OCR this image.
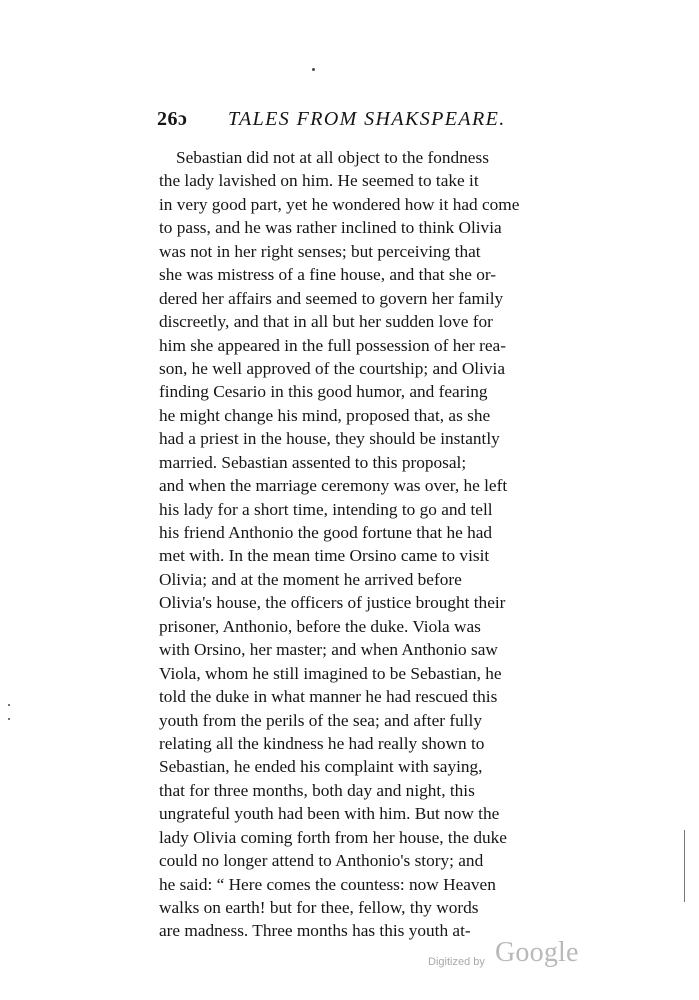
26ɔ TALES FROM SHAKSPEARE.
Sebastian did not at all object to the fondness
the lady lavished on him. He seemed to take it
in very good part, yet he wondered how it had come
to pass, and he was rather inclined to think Olivia
was not in her right senses; but perceiving that
she was mistress of a fine house, and that she or-
dered her affairs and seemed to govern her family
discreetly, and that in all but her sudden love for
him she appeared in the full possession of her rea-
son, he well approved of the courtship; and Olivia
finding Cesario in this good humor, and fearing
he might change his mind, proposed that, as she
had a priest in the house, they should be instantly
married. Sebastian assented to this proposal;
and when the marriage ceremony was over, he left
his lady for a short time, intending to go and tell
his friend Anthonio the good fortune that he had
met with. In the mean time Orsino came to visit
Olivia; and at the moment he arrived before
Olivia's house, the officers of justice brought their
prisoner, Anthonio, before the duke. Viola was
with Orsino, her master; and when Anthonio saw
Viola, whom he still imagined to be Sebastian, he
told the duke in what manner he had rescued this
youth from the perils of the sea; and after fully
relating all the kindness he had really shown to
Sebastian, he ended his complaint with saying,
that for three months, both day and night, this
ungrateful youth had been with him. But now the
lady Olivia coming forth from her house, the duke
could no longer attend to Anthonio's story; and
he said: “ Here comes the countess: now Heaven
walks on earth! but for thee, fellow, thy words
are madness. Three months has this youth at-
Digitized by Google
